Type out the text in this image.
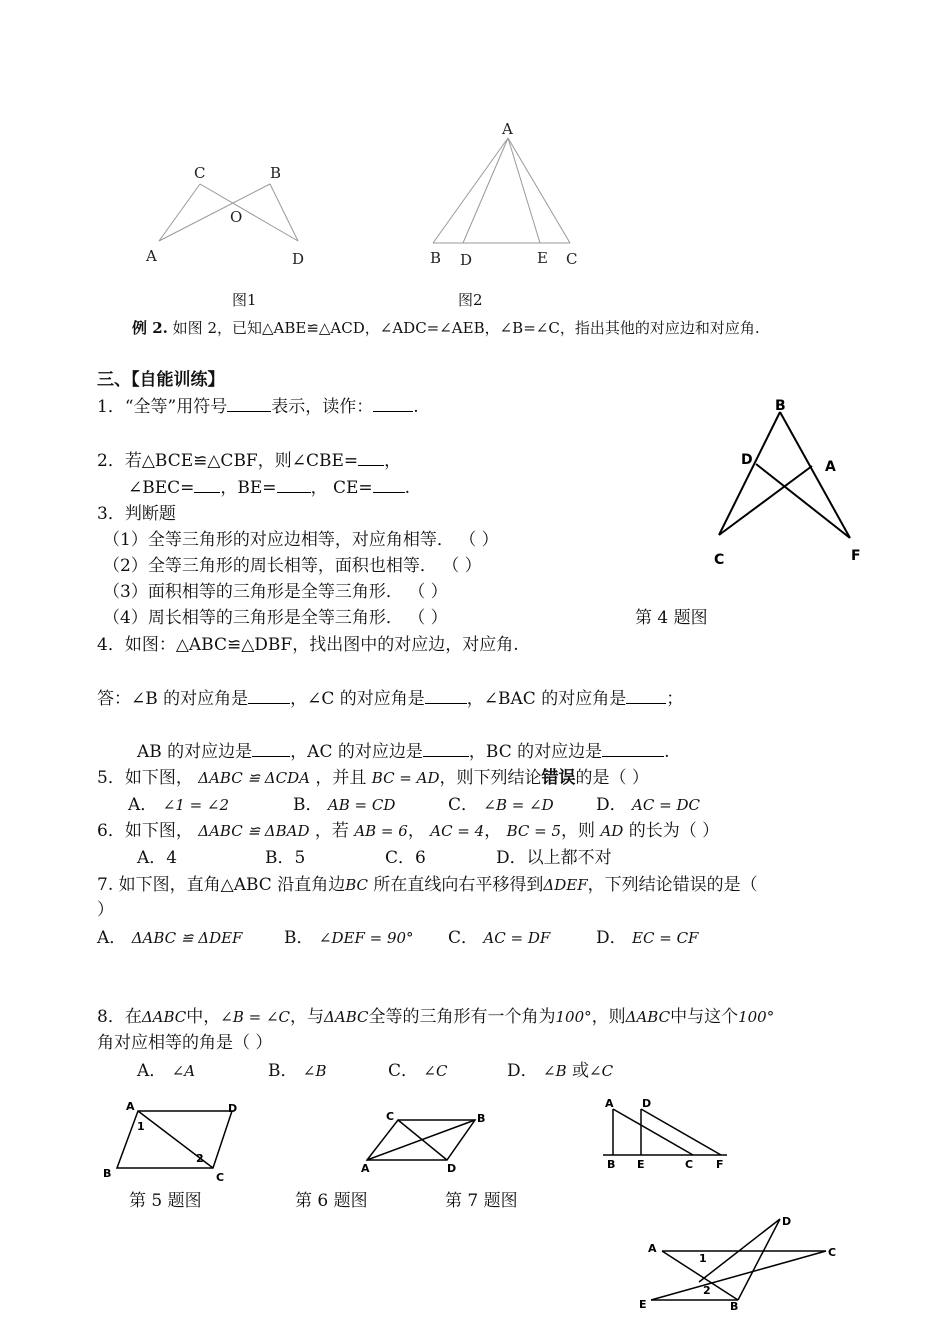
C	B
O
A	D
A
B D	E C
图1	图2
例 2. 如图 2，已知△ABE≌△ACD，∠ADC=∠AEB，∠B=∠C，指出其他的对应边和对应角.
三、【自能训练】
1．“全等”用符号	表示，读作： .
2．若△BCE≌△CBF，则∠CBE= ，
∠BEC= ，BE= ， CE= .
3．判断题
（1）全等三角形的对应边相等，对应角相等． （ ）
（2）全等三角形的周长相等，面积也相等． （ ）
（3）面积相等的三角形是全等三角形． （ ）
（4）周长相等的三角形是全等三角形． （ ）	第 4 题图
B
D	A
C	F
4．如图：△ABC≌△DBF，找出图中的对应边，对应角.
答：∠B 的对应角是 ，∠C 的对应角是 ，∠BAC 的对应角是 ；
AB 的对应边是 ，AC 的对应边是	，BC 的对应边是	.
5．如下图， ΔABC ≌ ΔCDA ，并且 BC = AD，则下列结论错误的是（ ）
A． ∠1 = ∠2	B． AB = CD	C． ∠B = ∠D D． AC = DC
6．如下图， ΔABC ≌ ΔBAD ，若 AB = 6， AC = 4， BC = 5，则 AD 的长为（ ）
A．4	B．5	C．6	D．以上都不对
7. 如下图，直角△ABC 沿直角边BC 所在直线向右平移得到ΔDEF，下列结论错误的是（
）
A． ΔABC ≌ ΔDEF B． ∠DEF = 90° C． AC = DF	D． EC = CF
8．在ΔABC中，∠B = ∠C，与ΔABC全等的三角形有一个角为100°，则ΔABC中与这个100°
角对应相等的角是（ ）
A． ∠A	B． ∠B	C． ∠C	D． ∠B 或∠C
A	D
B	C
1
2
C	B
A	D
A	D
B E	C F
D
A	C
E	B
1
2
第 5 题图	第 6 题图	第 7 题图
